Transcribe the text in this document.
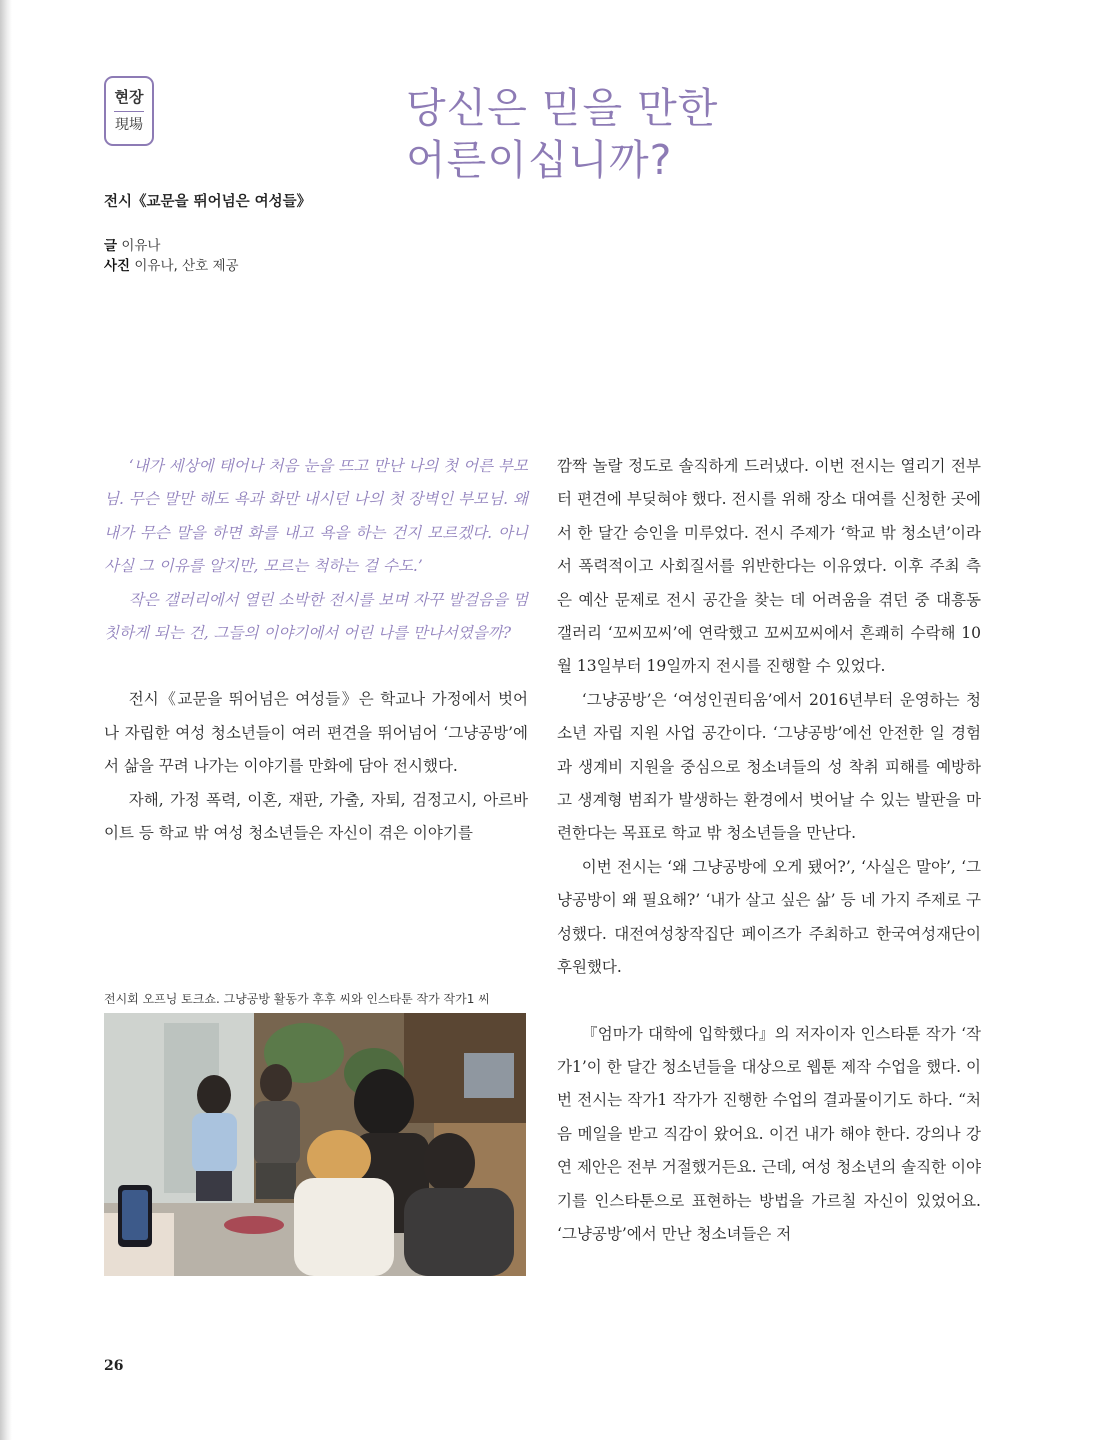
현장
現場	당신은 믿을 만한
어른이십니까?
전시《교문을 뛰어넘은 여성들》
글 이유나
사진 이유나, 산호 제공

‘내가 세상에 태어나 처음 눈을 뜨고 만난 나의 첫 어른 부모님. 무슨 말만 해도 욕과 화만 내시던 나의 첫 장벽인 부모님. 왜 내가 무슨 말을 하면 화를 내고 욕을 하는 건지 모르겠다. 아니 사실 그 이유를 알지만, 모르는 척하는 걸 수도.’

작은 갤러리에서 열린 소박한 전시를 보며 자꾸 발걸음을 멈칫하게 되는 건, 그들의 이야기에서 어린 나를 만나서였을까?

전시《교문을 뛰어넘은 여성들》은 학교나 가정에서 벗어나 자립한 여성 청소년들이 여러 편견을 뛰어넘어 ‘그냥공방’에서 삶을 꾸려 나가는 이야기를 만화에 담아 전시했다.

자해, 가정 폭력, 이혼, 재판, 가출, 자퇴, 검정고시, 아르바이트 등 학교 밖 여성 청소년들은 자신이 겪은 이야기를

전시회 오프닝 토크쇼. 그냥공방 활동가 후후 씨와 인스타툰 작가 작가1 씨

깜짝 놀랄 정도로 솔직하게 드러냈다. 이번 전시는 열리기 전부터 편견에 부딪혀야 했다. 전시를 위해 장소 대여를 신청한 곳에서 한 달간 승인을 미루었다. 전시 주제가 ‘학교 밖 청소년’이라서 폭력적이고 사회질서를 위반한다는 이유였다. 이후 주최 측은 예산 문제로 전시 공간을 찾는 데 어려움을 겪던 중 대흥동 갤러리 ‘꼬씨꼬씨’에 연락했고 꼬씨꼬씨에서 흔쾌히 수락해 10월 13일부터 19일까지 전시를 진행할 수 있었다.

‘그냥공방’은 ‘여성인권티움’에서 2016년부터 운영하는 청소년 자립 지원 사업 공간이다. ‘그냥공방’에선 안전한 일 경험과 생계비 지원을 중심으로 청소녀들의 성 착취 피해를 예방하고 생계형 범죄가 발생하는 환경에서 벗어날 수 있는 발판을 마련한다는 목표로 학교 밖 청소년들을 만난다.

이번 전시는 ‘왜 그냥공방에 오게 됐어?’, ‘사실은 말야’, ‘그냥공방이 왜 필요해?’ ‘내가 살고 싶은 삶’ 등 네 가지 주제로 구성했다. 대전여성창작집단 페이즈가 주최하고 한국여성재단이 후원했다.

『엄마가 대학에 입학했다』의 저자이자 인스타툰 작가 ‘작가1’이 한 달간 청소년들을 대상으로 웹툰 제작 수업을 했다. 이번 전시는 작가1 작가가 진행한 수업의 결과물이기도 하다. “처음 메일을 받고 직감이 왔어요. 이건 내가 해야 한다. 강의나 강연 제안은 전부 거절했거든요. 근데, 여성 청소년의 솔직한 이야기를 인스타툰으로 표현하는 방법을 가르칠 자신이 있었어요. ‘그냥공방’에서 만난 청소녀들은 저

26
